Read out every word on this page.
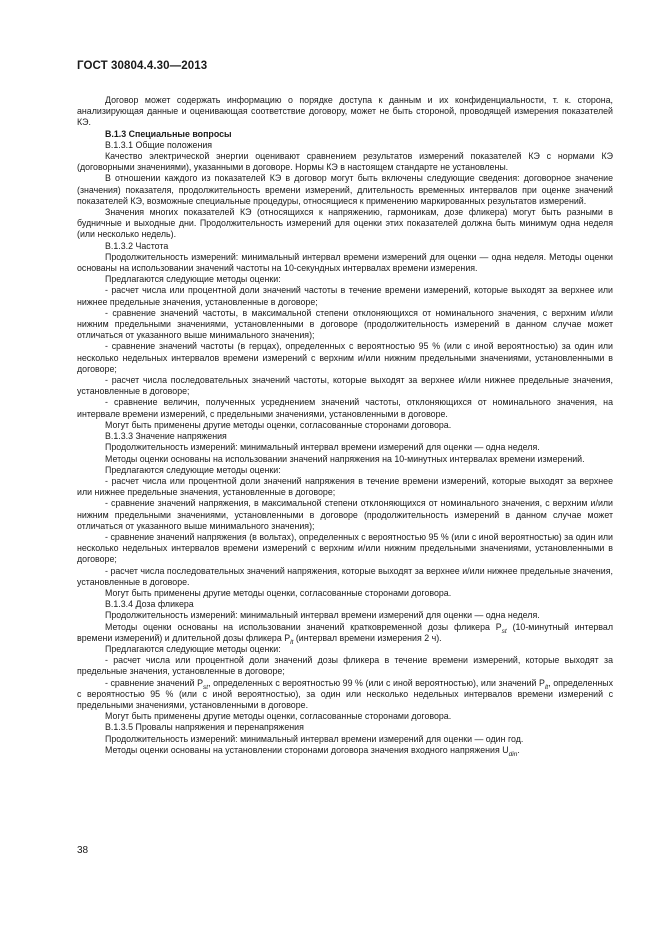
ГОСТ 30804.4.30—2013

Договор может содержать информацию о порядке доступа к данным и их конфиденциальности, т. к. сторона, анализирующая данные и оценивающая соответствие договору, может не быть стороной, проводящей измерения показателей КЭ.

В.1.3 Специальные вопросы

В.1.3.1 Общие положения

Качество электрической энергии оценивают сравнением результатов измерений показателей КЭ с нормами КЭ (договорными значениями), указанными в договоре. Нормы КЭ в настоящем стандарте не установлены.

В отношении каждого из показателей КЭ в договор могут быть включены следующие сведения: договорное значение (значения) показателя, продолжительность времени измерений, длительность временных интервалов при оценке значений показателей КЭ, возможные специальные процедуры, относящиеся к применению маркированных результатов измерений.

Значения многих показателей КЭ (относящихся к напряжению, гармоникам, дозе фликера) могут быть разными в будничные и выходные дни. Продолжительность измерений для оценки этих показателей должна быть минимум одна неделя (или несколько недель).

В.1.3.2 Частота

Продолжительность измерений: минимальный интервал времени измерений для оценки — одна неделя. Методы оценки основаны на использовании значений частоты на 10-секундных интервалах времени измерения.

Предлагаются следующие методы оценки:

- расчет числа или процентной доли значений частоты в течение времени измерений, которые выходят за верхнее или нижнее предельные значения, установленные в договоре;

- сравнение значений частоты, в максимальной степени отклоняющихся от номинального значения, с верхним и/или нижним предельными значениями, установленными в договоре (продолжительность измерений в данном случае может отличаться от указанного выше минимального значения);

- сравнение значений частоты (в герцах), определенных с вероятностью 95 % (или с иной вероятностью) за один или несколько недельных интервалов времени измерений с верхним и/или нижним предельными значениями, установленными в договоре;

- расчет числа последовательных значений частоты, которые выходят за верхнее и/или нижнее предельные значения, установленные в договоре;

- сравнение величин, полученных усреднением значений частоты, отклоняющихся от номинального значения, на интервале времени измерений, с предельными значениями, установленными в договоре.

Могут быть применены другие методы оценки, согласованные сторонами договора.

В.1.3.3 Значение напряжения

Продолжительность измерений: минимальный интервал времени измерений для оценки — одна неделя.

Методы оценки основаны на использовании значений напряжения на 10-минутных интервалах времени измерений.

Предлагаются следующие методы оценки:

- расчет числа или процентной доли значений напряжения в течение времени измерений, которые выходят за верхнее или нижнее предельные значения, установленные в договоре;

- сравнение значений напряжения, в максимальной степени отклоняющихся от номинального значения, с верхним и/или нижним предельными значениями, установленными в договоре (продолжительность измерений в данном случае может отличаться от указанного выше минимального значения);

- сравнение значений напряжения (в вольтах), определенных с вероятностью 95 % (или с иной вероятностью) за один или несколько недельных интервалов времени измерений с верхним и/или нижним предельными значениями, установленными в договоре;

- расчет числа последовательных значений напряжения, которые выходят за верхнее и/или нижнее предельные значения, установленные в договоре.

Могут быть применены другие методы оценки, согласованные сторонами договора.

В.1.3.4 Доза фликера

Продолжительность измерений: минимальный интервал времени измерений для оценки — одна неделя.

Методы оценки основаны на использовании значений кратковременной дозы фликера $P_{st}$ (10-минутный интервал времени измерений) и длительной дозы фликера $P_{lt}$ (интервал времени измерения 2 ч).

Предлагаются следующие методы оценки:

- расчет числа или процентной доли значений дозы фликера в течение времени измерений, которые выходят за предельные значения, установленные в договоре;

- сравнение значений $P_{st}$, определенных с вероятностью 99 % (или с иной вероятностью), или значений $P_{lt}$, определенных с вероятностью 95 % (или с иной вероятностью), за один или несколько недельных интервалов времени измерений с предельными значениями, установленными в договоре.

Могут быть применены другие методы оценки, согласованные сторонами договора.

В.1.3.5 Провалы напряжения и перенапряжения

Продолжительность измерений: минимальный интервал времени измерений для оценки — один год.

Методы оценки основаны на установлении сторонами договора значения входного напряжения $U_{din}$.

38
